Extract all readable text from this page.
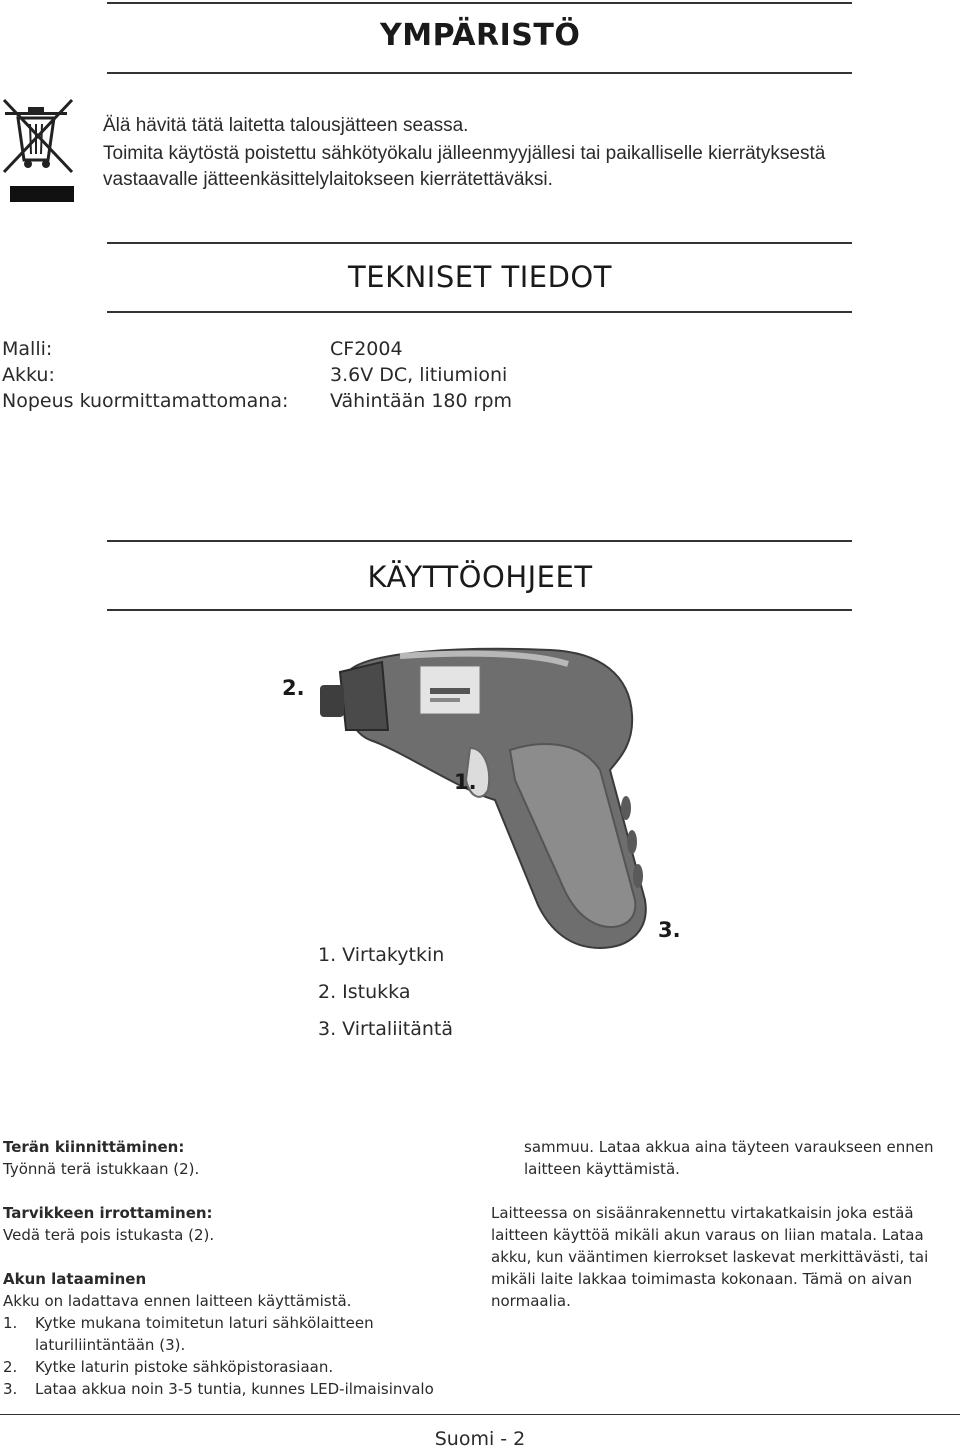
YMPÄRISTÖ
Älä hävitä tätä laitetta talousjätteen seassa.
Toimita käytöstä poistettu sähkötyökalu jälleenmyyjällesi tai paikalliselle kierrätyksestä
vastaavalle jätteenkäsittelylaitokseen kierrätettäväksi.
TEKNISET TIEDOT
Malli:	CF2004
Akku:	3.6V DC, litiumioni
Nopeus kuormittamattomana: Vähintään 180 rpm
KÄYTTÖOHJEET
2.
1.
3.
1. Virtakytkin
2. Istukka
3. Virtaliitäntä
Terän kiinnittäminen:
Työnnä terä istukkaan (2).
Tarvikkeen irrottaminen:
Vedä terä pois istukasta (2).
Akun lataaminen
Akku on ladattava ennen laitteen käyttämistä.
1.	Kytke mukana toimitetun laturi sähkölaitteen
laturiliintäntään (3).
2.	Kytke laturin pistoke sähköpistorasiaan.
3.	Lataa akkua noin 3-5 tuntia, kunnes LED-ilmaisinvalo
sammuu. Lataa akkua aina täyteen varaukseen ennen
laitteen käyttämistä.
Laitteessa on sisäänrakennettu virtakatkaisin joka estää
laitteen käyttöä mikäli akun varaus on liian matala. Lataa
akku, kun vääntimen kierrokset laskevat merkittävästi, tai
mikäli laite lakkaa toimimasta kokonaan. Tämä on aivan
normaalia.
Suomi - 2
